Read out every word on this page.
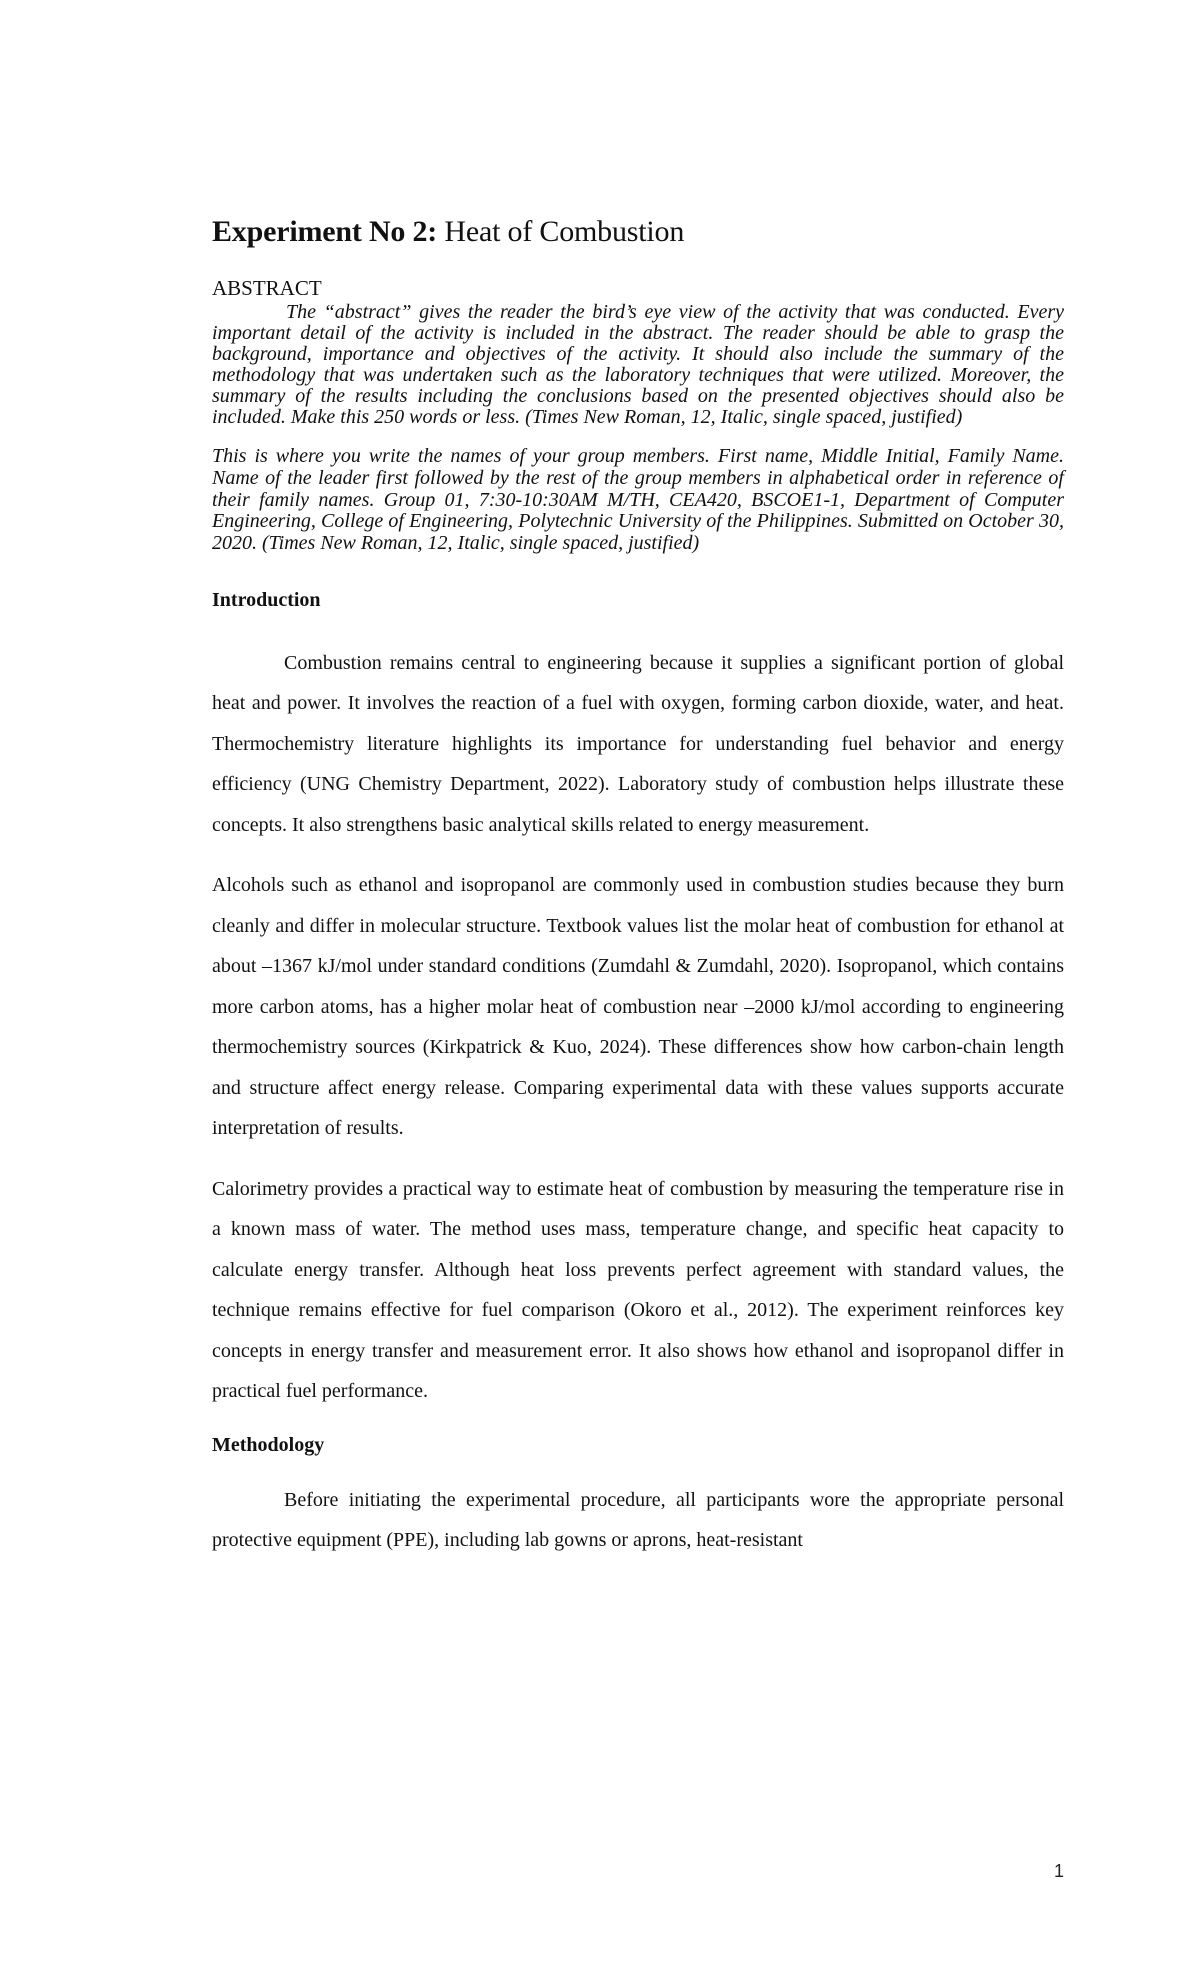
Experiment No 2: Heat of Combustion
ABSTRACT

The “abstract” gives the reader the bird’s eye view of the activity that was conducted. Every important detail of the activity is included in the abstract. The reader should be able to grasp the background, importance and objectives of the activity. It should also include the summary of the methodology that was undertaken such as the laboratory techniques that were utilized. Moreover, the summary of the results including the conclusions based on the presented objectives should also be included. Make this 250 words or less. (Times New Roman, 12, Italic, single spaced, justified)

This is where you write the names of your group members. First name, Middle Initial, Family Name. Name of the leader first followed by the rest of the group members in alphabetical order in reference of their family names. Group 01, 7:30-10:30AM M/TH, CEA420, BSCOE1-1, Department of Computer Engineering, College of Engineering, Polytechnic University of the Philippines. Submitted on October 30, 2020. (Times New Roman, 12, Italic, single spaced, justified)

Introduction

Combustion remains central to engineering because it supplies a significant portion of global heat and power. It involves the reaction of a fuel with oxygen, forming carbon dioxide, water, and heat. Thermochemistry literature highlights its importance for understanding fuel behavior and energy efficiency (UNG Chemistry Department, 2022). Laboratory study of combustion helps illustrate these concepts. It also strengthens basic analytical skills related to energy measurement.

Alcohols such as ethanol and isopropanol are commonly used in combustion studies because they burn cleanly and differ in molecular structure. Textbook values list the molar heat of combustion for ethanol at about –1367 kJ/mol under standard conditions (Zumdahl & Zumdahl, 2020). Isopropanol, which contains more carbon atoms, has a higher molar heat of combustion near –2000 kJ/mol according to engineering thermochemistry sources (Kirkpatrick & Kuo, 2024). These differences show how carbon-chain length and structure affect energy release. Comparing experimental data with these values supports accurate interpretation of results.

Calorimetry provides a practical way to estimate heat of combustion by measuring the temperature rise in a known mass of water. The method uses mass, temperature change, and specific heat capacity to calculate energy transfer. Although heat loss prevents perfect agreement with standard values, the technique remains effective for fuel comparison (Okoro et al., 2012). The experiment reinforces key concepts in energy transfer and measurement error. It also shows how ethanol and isopropanol differ in practical fuel performance.

Methodology

Before initiating the experimental procedure, all participants wore the appropriate personal protective equipment (PPE), including lab gowns or aprons, heat-resistant

1
